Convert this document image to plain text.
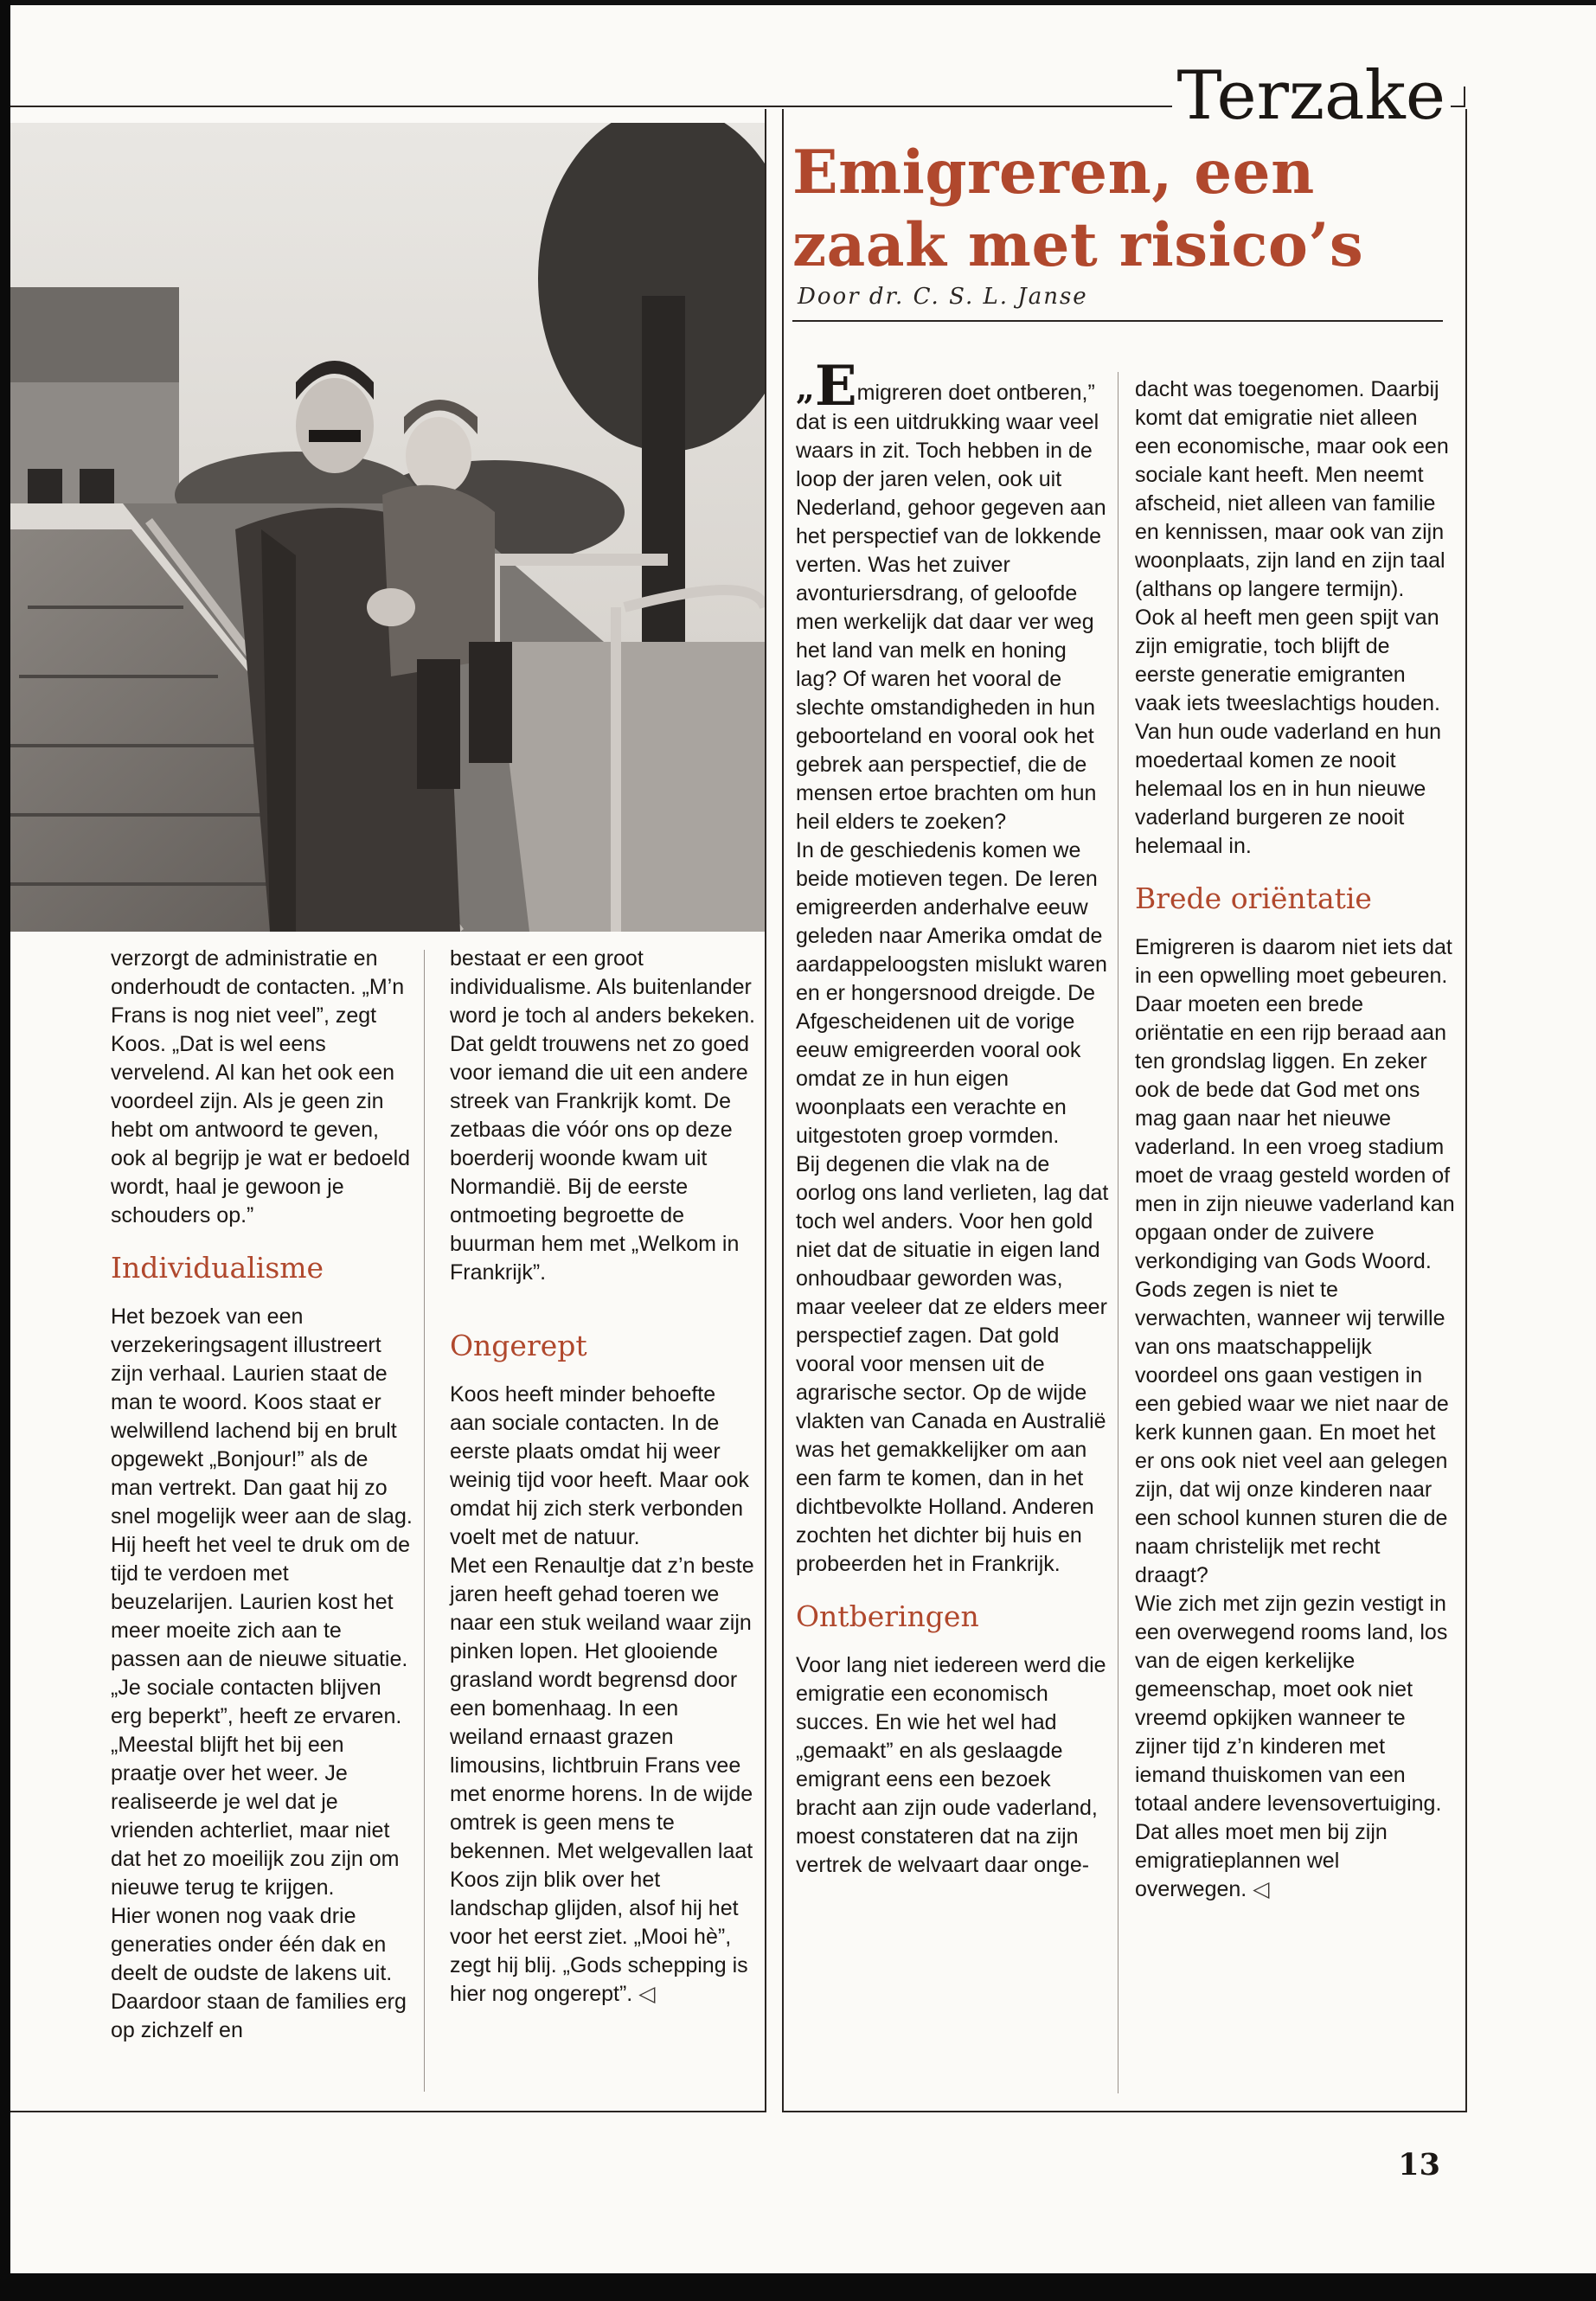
Terzake
Emigreren, een zaak met risico’s
Door dr. C. S. L. Janse

verzorgt de administratie en onderhoudt de contacten. „M’n Frans is nog niet veel”, zegt Koos. „Dat is wel eens vervelend. Al kan het ook een voordeel zijn. Als je geen zin hebt om antwoord te geven, ook al begrijp je wat er bedoeld wordt, haal je gewoon je schouders op.”

Individualisme

Het bezoek van een verzekeringsagent illustreert zijn verhaal. Laurien staat de man te woord. Koos staat er welwillend lachend bij en brult opgewekt „Bonjour!” als de man vertrekt. Dan gaat hij zo snel mogelijk weer aan de slag. Hij heeft het veel te druk om de tijd te verdoen met beuzelarijen. Laurien kost het meer moeite zich aan te passen aan de nieuwe situatie. „Je sociale contacten blijven erg beperkt”, heeft ze ervaren. „Meestal blijft het bij een praatje over het weer. Je realiseerde je wel dat je vrienden achterliet, maar niet dat het zo moeilijk zou zijn om nieuwe terug te krijgen.

Hier wonen nog vaak drie generaties onder één dak en deelt de oudste de lakens uit. Daardoor staan de families erg op zichzelf en

bestaat er een groot individualisme. Als buitenlander word je toch al anders bekeken. Dat geldt trouwens net zo goed voor iemand die uit een andere streek van Frankrijk komt. De zetbaas die vóór ons op deze boerderij woonde kwam uit Normandië. Bij de eerste ontmoeting begroette de buurman hem met „Welkom in Frankrijk”.

Ongerept

Koos heeft minder behoefte aan sociale contacten. In de eerste plaats omdat hij weer weinig tijd voor heeft. Maar ook omdat hij zich sterk verbonden voelt met de natuur.

Met een Renaultje dat z’n beste jaren heeft gehad toeren we naar een stuk weiland waar zijn pinken lopen. Het glooiende grasland wordt begrensd door een bomenhaag. In een weiland ernaast grazen limousins, lichtbruin Frans vee met enorme horens. In de wijde omtrek is geen mens te bekennen. Met welgevallen laat Koos zijn blik over het landschap glijden, alsof hij het voor het eerst ziet. „Mooi hè”, zegt hij blij. „Gods schepping is hier nog ongerept”. ◁

„Emigreren doet ontberen,” dat is een uitdrukking waar veel waars in zit. Toch hebben in de loop der jaren velen, ook uit Nederland, gehoor gegeven aan het perspectief van de lokkende verten. Was het zuiver avonturiersdrang, of geloofde men werkelijk dat daar ver weg het land van melk en honing lag? Of waren het vooral de slechte omstandigheden in hun geboorteland en vooral ook het gebrek aan perspectief, die de mensen ertoe brachten om hun heil elders te zoeken?

In de geschiedenis komen we beide motieven tegen. De Ieren emigreerden anderhalve eeuw geleden naar Amerika omdat de aardappeloogsten mislukt waren en er hongersnood dreigde. De Afgescheidenen uit de vorige eeuw emigreerden vooral ook omdat ze in hun eigen woonplaats een verachte en uitgestoten groep vormden.

Bij degenen die vlak na de oorlog ons land verlieten, lag dat toch wel anders. Voor hen gold niet dat de situatie in eigen land onhoudbaar geworden was, maar veeleer dat ze elders meer perspectief zagen. Dat gold vooral voor mensen uit de agrarische sector. Op de wijde vlakten van Canada en Australië was het gemakkelijker om aan een farm te komen, dan in het dichtbevolkte Holland. Anderen zochten het dichter bij huis en probeerden het in Frankrijk.

Ontberingen

Voor lang niet iedereen werd die emigratie een economisch succes. En wie het wel had „gemaakt” en als geslaagde emigrant eens een bezoek bracht aan zijn oude vaderland, moest constateren dat na zijn vertrek de welvaart daar onge-

dacht was toegenomen. Daarbij komt dat emigratie niet alleen een economische, maar ook een sociale kant heeft. Men neemt afscheid, niet alleen van familie en kennissen, maar ook van zijn woonplaats, zijn land en zijn taal (althans op langere termijn).

Ook al heeft men geen spijt van zijn emigratie, toch blijft de eerste generatie emigranten vaak iets tweeslachtigs houden. Van hun oude vaderland en hun moedertaal komen ze nooit helemaal los en in hun nieuwe vaderland burgeren ze nooit helemaal in.

Brede oriëntatie

Emigreren is daarom niet iets dat in een opwelling moet gebeuren. Daar moeten een brede oriëntatie en een rijp beraad aan ten grondslag liggen. En zeker ook de bede dat God met ons mag gaan naar het nieuwe vaderland. In een vroeg stadium moet de vraag gesteld worden of men in zijn nieuwe vaderland kan opgaan onder de zuivere verkondiging van Gods Woord.

Gods zegen is niet te verwachten, wanneer wij terwille van ons maatschappelijk voordeel ons gaan vestigen in een gebied waar we niet naar de kerk kunnen gaan. En moet het er ons ook niet veel aan gelegen zijn, dat wij onze kinderen naar een school kunnen sturen die de naam christelijk met recht draagt?

Wie zich met zijn gezin vestigt in een overwegend rooms land, los van de eigen kerkelijke gemeenschap, moet ook niet vreemd opkijken wanneer te zijner tijd z’n kinderen met iemand thuiskomen van een totaal andere levensovertuiging. Dat alles moet men bij zijn emigratieplannen wel overwegen. ◁

13
